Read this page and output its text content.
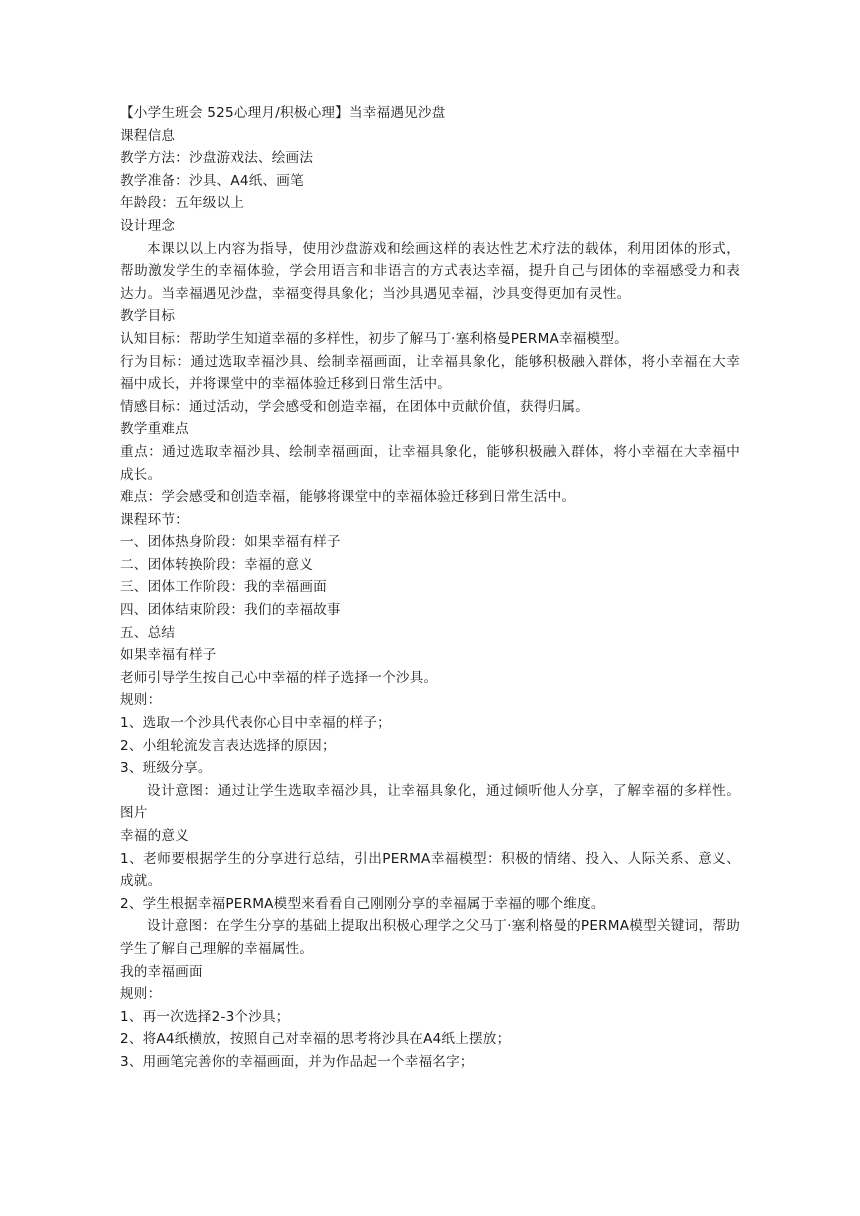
【小学生班会 525心理月/积极心理】当幸福遇见沙盘
课程信息
教学方法：沙盘游戏法、绘画法
教学准备：沙具、A4纸、画笔
年龄段：五年级以上
设计理念
本课以以上内容为指导，使用沙盘游戏和绘画这样的表达性艺术疗法的载体，利用团体的形式，帮助激发学生的幸福体验，学会用语言和非语言的方式表达幸福，提升自己与团体的幸福感受力和表达力。当幸福遇见沙盘，幸福变得具象化；当沙具遇见幸福，沙具变得更加有灵性。
教学目标
认知目标：帮助学生知道幸福的多样性，初步了解马丁·塞利格曼PERMA幸福模型。
行为目标：通过选取幸福沙具、绘制幸福画面，让幸福具象化，能够积极融入群体，将小幸福在大幸福中成长，并将课堂中的幸福体验迁移到日常生活中。
情感目标：通过活动，学会感受和创造幸福，在团体中贡献价值，获得归属。
教学重难点
重点：通过选取幸福沙具、绘制幸福画面，让幸福具象化，能够积极融入群体，将小幸福在大幸福中成长。
难点：学会感受和创造幸福，能够将课堂中的幸福体验迁移到日常生活中。
课程环节：
一、团体热身阶段：如果幸福有样子
二、团体转换阶段：幸福的意义
三、团体工作阶段：我的幸福画面
四、团体结束阶段：我们的幸福故事
五、总结
如果幸福有样子
老师引导学生按自己心中幸福的样子选择一个沙具。
规则：
1、选取一个沙具代表你心目中幸福的样子；
2、小组轮流发言表达选择的原因；
3、班级分享。
设计意图：通过让学生选取幸福沙具，让幸福具象化，通过倾听他人分享，了解幸福的多样性。图片
幸福的意义
1、老师要根据学生的分享进行总结，引出PERMA幸福模型：积极的情绪、投入、人际关系、意义、成就。
2、学生根据幸福PERMA模型来看看自己刚刚分享的幸福属于幸福的哪个维度。
设计意图：在学生分享的基础上提取出积极心理学之父马丁·塞利格曼的PERMA模型关键词，帮助学生了解自己理解的幸福属性。
我的幸福画面
规则：
1、再一次选择2-3个沙具；
2、将A4纸横放，按照自己对幸福的思考将沙具在A4纸上摆放；
3、用画笔完善你的幸福画面，并为作品起一个幸福名字；
